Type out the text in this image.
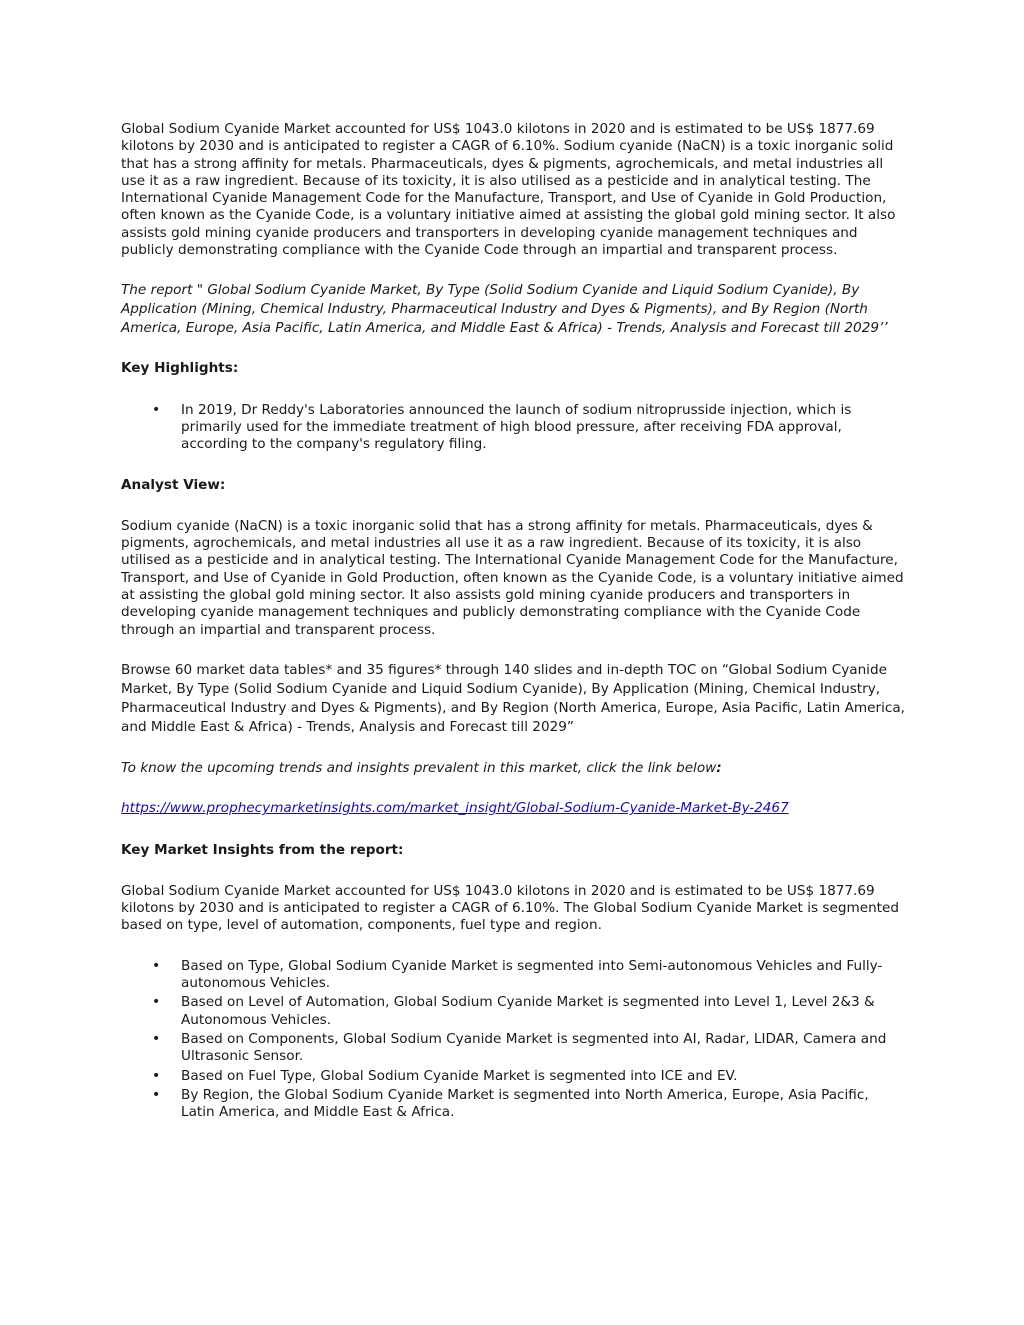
Global Sodium Cyanide Market accounted for US$ 1043.0 kilotons in 2020 and is estimated to be US$ 1877.69 kilotons by 2030 and is anticipated to register a CAGR of 6.10%. Sodium cyanide (NaCN) is a toxic inorganic solid that has a strong affinity for metals. Pharmaceuticals, dyes & pigments, agrochemicals, and metal industries all use it as a raw ingredient. Because of its toxicity, it is also utilised as a pesticide and in analytical testing. The International Cyanide Management Code for the Manufacture, Transport, and Use of Cyanide in Gold Production, often known as the Cyanide Code, is a voluntary initiative aimed at assisting the global gold mining sector. It also assists gold mining cyanide producers and transporters in developing cyanide management techniques and publicly demonstrating compliance with the Cyanide Code through an impartial and transparent process.

The report " Global Sodium Cyanide Market, By Type (Solid Sodium Cyanide and Liquid Sodium Cyanide), By Application (Mining, Chemical Industry, Pharmaceutical Industry and Dyes & Pigments), and By Region (North America, Europe, Asia Pacific, Latin America, and Middle East & Africa) - Trends, Analysis and Forecast till 2029’’

Key Highlights:

• In 2019, Dr Reddy's Laboratories announced the launch of sodium nitroprusside injection, which is primarily used for the immediate treatment of high blood pressure, after receiving FDA approval, according to the company's regulatory filing.

Analyst View:

Sodium cyanide (NaCN) is a toxic inorganic solid that has a strong affinity for metals. Pharmaceuticals, dyes & pigments, agrochemicals, and metal industries all use it as a raw ingredient. Because of its toxicity, it is also utilised as a pesticide and in analytical testing. The International Cyanide Management Code for the Manufacture, Transport, and Use of Cyanide in Gold Production, often known as the Cyanide Code, is a voluntary initiative aimed at assisting the global gold mining sector. It also assists gold mining cyanide producers and transporters in developing cyanide management techniques and publicly demonstrating compliance with the Cyanide Code through an impartial and transparent process.

Browse 60 market data tables* and 35 figures* through 140 slides and in-depth TOC on “Global Sodium Cyanide Market, By Type (Solid Sodium Cyanide and Liquid Sodium Cyanide), By Application (Mining, Chemical Industry, Pharmaceutical Industry and Dyes & Pigments), and By Region (North America, Europe, Asia Pacific, Latin America, and Middle East & Africa) - Trends, Analysis and Forecast till 2029”

To know the upcoming trends and insights prevalent in this market, click the link below:

https://www.prophecymarketinsights.com/market_insight/Global-Sodium-Cyanide-Market-By-2467

Key Market Insights from the report:

Global Sodium Cyanide Market accounted for US$ 1043.0 kilotons in 2020 and is estimated to be US$ 1877.69 kilotons by 2030 and is anticipated to register a CAGR of 6.10%. The Global Sodium Cyanide Market is segmented based on type, level of automation, components, fuel type and region.

• Based on Type, Global Sodium Cyanide Market is segmented into Semi-autonomous Vehicles and Fully-autonomous Vehicles.
• Based on Level of Automation, Global Sodium Cyanide Market is segmented into Level 1, Level 2&3 & Autonomous Vehicles.
• Based on Components, Global Sodium Cyanide Market is segmented into AI, Radar, LIDAR, Camera and Ultrasonic Sensor.
• Based on Fuel Type, Global Sodium Cyanide Market is segmented into ICE and EV.
• By Region, the Global Sodium Cyanide Market is segmented into North America, Europe, Asia Pacific, Latin America, and Middle East & Africa.
